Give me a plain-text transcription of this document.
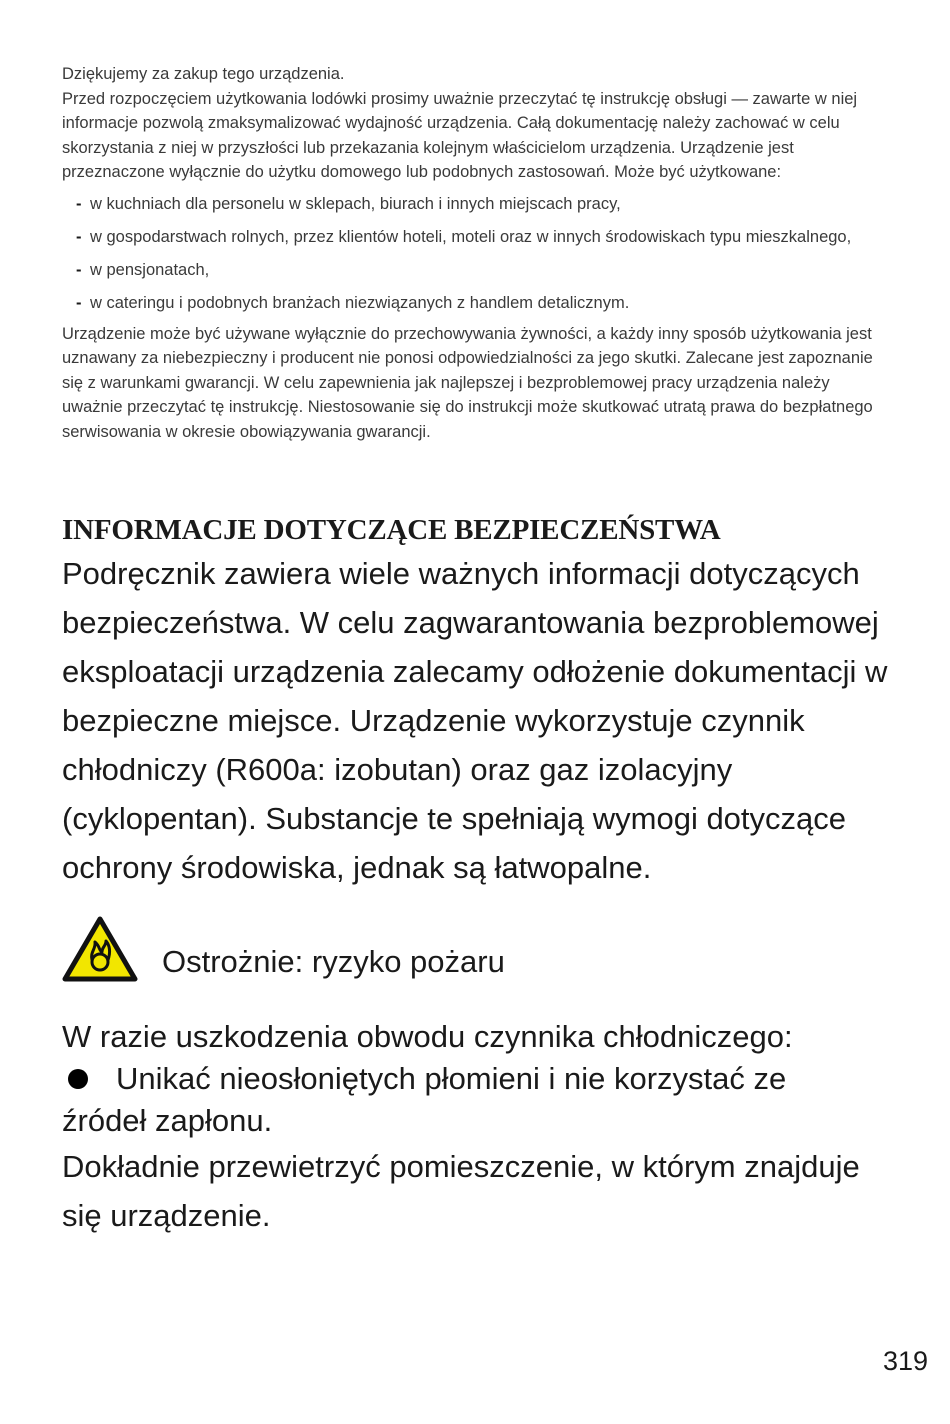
Dziękujemy za zakup tego urządzenia.

Przed rozpoczęciem użytkowania lodówki prosimy uważnie przeczytać tę instrukcję obsługi — zawarte w niej informacje pozwolą zmaksymalizować wydajność urządzenia. Całą dokumentację należy zachować w celu skorzystania z niej w przyszłości lub przekazania kolejnym właścicielom urządzenia. Urządzenie jest przeznaczone wyłącznie do użytku domowego lub podobnych zastosowań. Może być użytkowane:

- w kuchniach dla personelu w sklepach, biurach i innych miejscach pracy,
- w gospodarstwach rolnych, przez klientów hoteli, moteli oraz w innych środowiskach typu mieszkalnego,
- w pensjonatach,
- w cateringu i podobnych branżach niezwiązanych z handlem detalicznym.

Urządzenie może być używane wyłącznie do przechowywania żywności, a każdy inny sposób użytkowania jest uznawany za niebezpieczny i producent nie ponosi odpowiedzialności za jego skutki. Zalecane jest zapoznanie się z warunkami gwarancji. W celu zapewnienia jak najlepszej i bezproblemowej pracy urządzenia należy uważnie przeczytać tę instrukcję. Niestosowanie się do instrukcji może skutkować utratą prawa do bezpłatnego serwisowania w okresie obowiązywania gwarancji.

INFORMACJE DOTYCZĄCE BEZPIECZEŃSTWA

Podręcznik zawiera wiele ważnych informacji dotyczących bezpieczeństwa. W celu zagwarantowania bezproblemowej eksploatacji urządzenia zalecamy odłożenie dokumentacji w bezpieczne miejsce. Urządzenie wykorzystuje czynnik chłodniczy (R600a: izobutan) oraz gaz izolacyjny (cyklopentan). Substancje te spełniają wymogi dotyczące ochrony środowiska, jednak są łatwopalne.

Ostrożnie: ryzyko pożaru
W razie uszkodzenia obwodu czynnika chłodniczego:
Unikać nieosłoniętych płomieni i nie korzystać ze
źródeł zapłonu.
Dokładnie przewietrzyć pomieszczenie, w którym znajduje się urządzenie.
319
